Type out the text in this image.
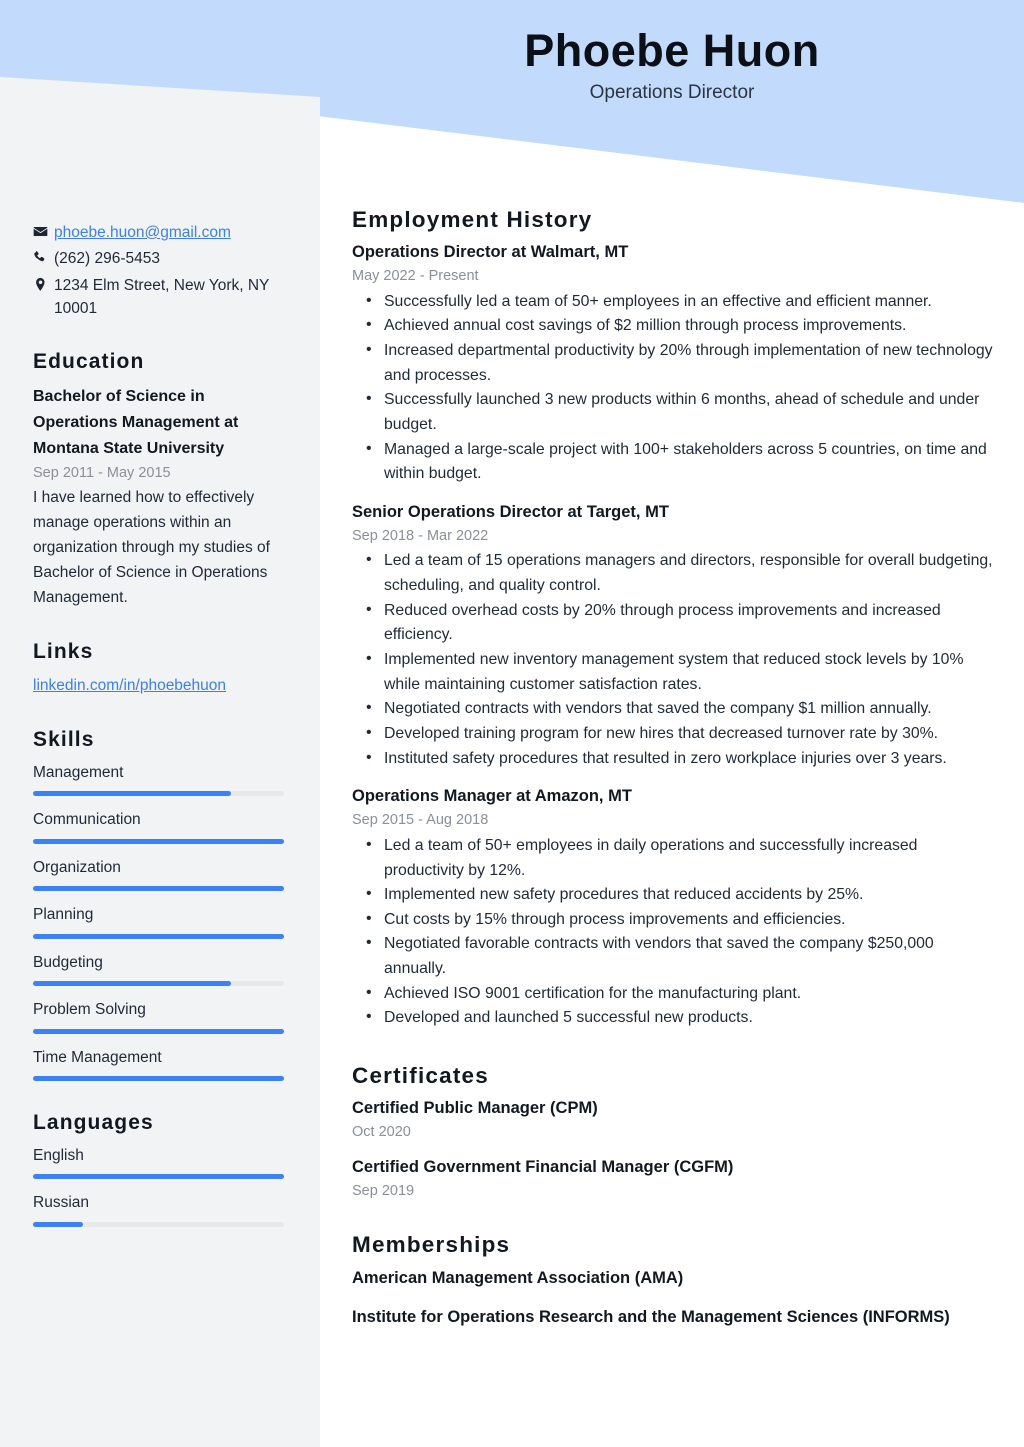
Phoebe Huon
Operations Director
phoebe.huon@gmail.com
(262) 296-5453
1234 Elm Street, New York, NY 10001
Education
Bachelor of Science in Operations Management at Montana State University
Sep 2011 - May 2015
I have learned how to effectively manage operations within an organization through my studies of Bachelor of Science in Operations Management.
Links
linkedin.com/in/phoebehuon
Skills
Management
Communication
Organization
Planning
Budgeting
Problem Solving
Time Management
Languages
English
Russian
Employment History
Operations Director at Walmart, MT
May 2022 - Present
• Successfully led a team of 50+ employees in an effective and efficient manner.
• Achieved annual cost savings of $2 million through process improvements.
• Increased departmental productivity by 20% through implementation of new technology and processes.
• Successfully launched 3 new products within 6 months, ahead of schedule and under budget.
• Managed a large-scale project with 100+ stakeholders across 5 countries, on time and within budget.
Senior Operations Director at Target, MT
Sep 2018 - Mar 2022
• Led a team of 15 operations managers and directors, responsible for overall budgeting, scheduling, and quality control.
• Reduced overhead costs by 20% through process improvements and increased efficiency.
• Implemented new inventory management system that reduced stock levels by 10% while maintaining customer satisfaction rates.
• Negotiated contracts with vendors that saved the company $1 million annually.
• Developed training program for new hires that decreased turnover rate by 30%.
• Instituted safety procedures that resulted in zero workplace injuries over 3 years.
Operations Manager at Amazon, MT
Sep 2015 - Aug 2018
• Led a team of 50+ employees in daily operations and successfully increased productivity by 12%.
• Implemented new safety procedures that reduced accidents by 25%.
• Cut costs by 15% through process improvements and efficiencies.
• Negotiated favorable contracts with vendors that saved the company $250,000 annually.
• Achieved ISO 9001 certification for the manufacturing plant.
• Developed and launched 5 successful new products.
Certificates
Certified Public Manager (CPM)
Oct 2020
Certified Government Financial Manager (CGFM)
Sep 2019
Memberships
American Management Association (AMA)
Institute for Operations Research and the Management Sciences (INFORMS)
